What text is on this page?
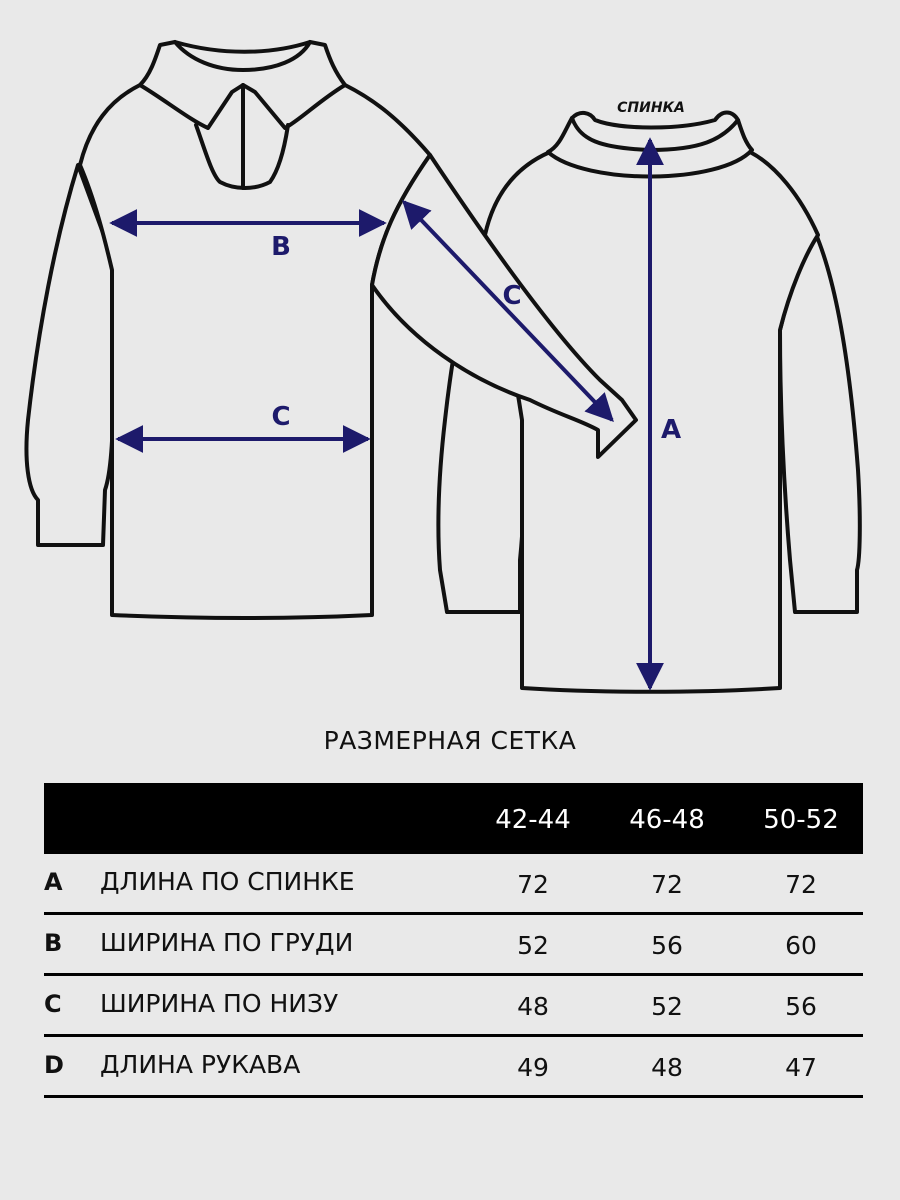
B
C
C
A
СПИНКА
РАЗМЕРНАЯ СЕТКА
42-44	46-48	50-52
A ДЛИНА ПО СПИНКЕ	72	72	72
B ШИРИНА ПО ГРУДИ	52	56	60
C ШИРИНА ПО НИЗУ	48	52	56
D ДЛИНА РУКАВА	49	48	47
